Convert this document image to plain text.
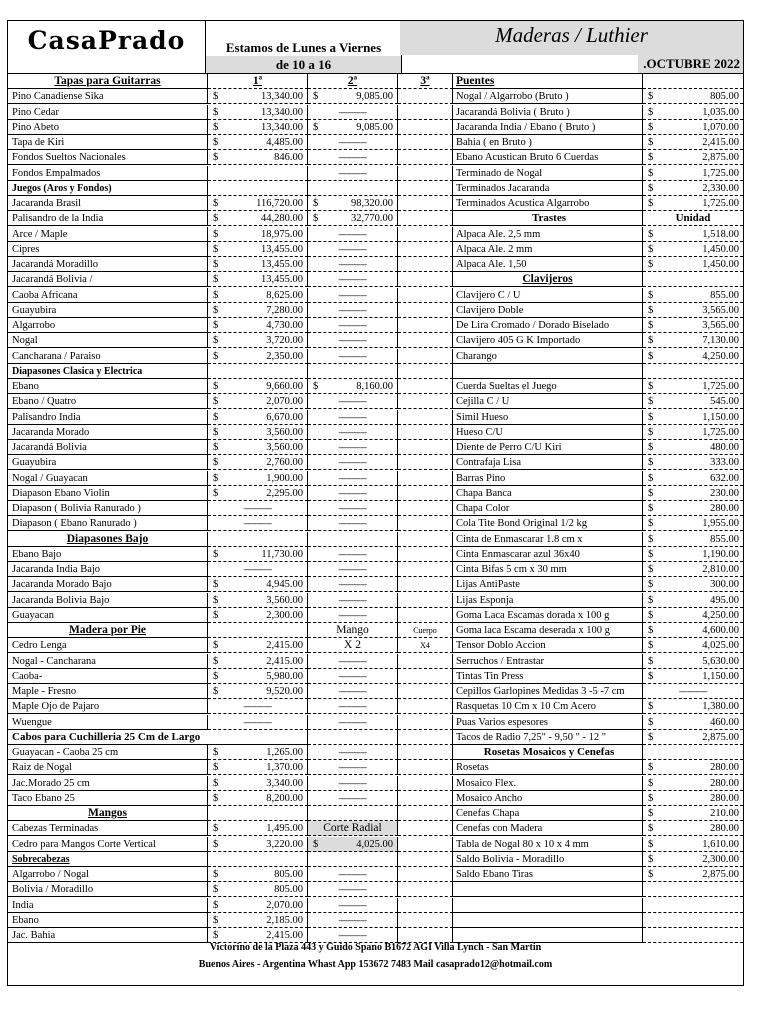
CasaPrado	Estamos de Lunes a Viernes
de 10 a 16
Maderas / Luthier
.OCTUBRE 2022
Tapas para Guitarras	1ª	2ª	3ª	Puentes
Pino Canadiense Sika	$	13,340.00 $	9,085.00	Nogal / Algarrobo (Bruto )	$	805.00
Pino Cedar	$	13,340.00	-------------	Jacarandá Bolivia ( Bruto )	$	1,035.00
Pino Abeto	$	13,340.00 $	9,085.00	Jacaranda India / Ebano ( Bruto )	$	1,070.00
Tapa de Kiri	$	4,485.00	-------------	Bahia ( en Bruto )	$	2,415.00
Fondos Sueltos Nacionales	$	846.00	-------------	Ebano Acustican Bruto 6 Cuerdas	$	2,875.00
Fondos Empalmados	-------------	Terminado de Nogal	$	1,725.00
Juegos (Aros y Fondos)	Terminados Jacaranda	$	2,330.00
Jacaranda Brasil	$	116,720.00 $	98,320.00	Terminados Acustica Algarrobo	$	1,725.00
Palisandro de la India	$	44,280.00 $	32,770.00	Trastes	Unidad
Arce / Maple	$	18,975.00	-------------	Alpaca Ale. 2,5 mm	$	1,518.00
Cipres	$	13,455.00	-------------	Alpaca Ale. 2 mm	$	1,450.00
Jacarandá Moradillo	$	13,455.00	-------------	Alpaca Ale. 1,50	$	1,450.00
Jacarandá Bolivia /	$	13,455.00	-------------	Clavijeros
Caoba Africana	$	8,625.00	-------------	Clavijero C / U	$	855.00
Guayubira	$	7,280.00	-------------	Clavijero Doble	$	3,565.00
Algarrobo	$	4,730.00	-------------	De Lira Cromado / Dorado Biselado	$	3,565.00
Nogal	$	3,720.00	-------------	Clavijero 405 G K Importado	$	7,130.00
Cancharana / Paraiso	$	2,350.00	-------------	Charango	$	4,250.00
Diapasones Clasica y Electrica
Ebano	$	9,660.00 $	8,160.00	Cuerda Sueltas el Juego	$	1,725.00
Ebano / Quatro	$	2,070.00	-------------	Cejilla C / U	$	545.00
Palisandro India	$	6,670.00	-------------	Simil Hueso	$	1,150.00
Jacaranda Morado	$	3,560.00	-------------	Hueso C/U	$	1,725.00
Jacarandá Bolivia	$	3,560.00	-------------	Diente de Perro C/U Kiri	$	480.00
Guayubira	$	2,760.00	-------------	Contrafaja Lisa	$	333.00
Nogal / Guayacan	$	1,900.00	-------------	Barras Pino	$	632.00
Diapason Ebano Violin	$	2,295.00	-------------	Chapa Banca	$	230.00
Diapason ( Bolivia Ranurado )	-------------	-------------	Chapa Color	$	280.00
Diapason ( Ebano Ranurado )	-------------	-------------	Cola Tite Bond Original 1/2 kg	$	1,955.00
Diapasones Bajo	Cinta de Enmascarar 1.8 cm x	$	855.00
Ebano Bajo	$	11,730.00	-------------	Cinta Enmascarar azul 36x40	$	1,190.00
Jacaranda India Bajo	-------------	-------------	Cinta Bifas 5 cm x 30 mm	$	2,810.00
Jacaranda Morado Bajo	$	4,945.00	-------------	Lijas AntiPaste	$	300.00
Jacaranda Bolivia Bajo	$	3,560.00	-------------	Lijas Esponja	$	495.00
Guayacan	$	2,300.00	-------------	Goma Laca Escamas dorada x 100 g	$	4,250.00
Madera por Pie	Mango	Cuerpo	Goma laca Escama deserada x 100 g	$	4,600.00
Cedro Lenga	$	2,415.00	X 2	X4	Tensor Doblo Accion	$	4,025.00
Nogal - Cancharana	$	2,415.00	-------------	Serruchos / Entrastar	$	5,630.00
Caoba-	$	5,980.00	-------------	Tintas Tin Press	$	1,150.00
Maple - Fresno	$	9,520.00	-------------	Cepillos Garlopines Medidas 3 -5 -7 cm	-------------
Maple Ojo de Pajaro	-------------	-------------	Rasquetas 10 Cm x 10 Cm Acero	$	1,380.00
Wuengue	-------------	-------------	Puas Varios espesores	$	460.00
Cabos para Cuchilleria 25 Cm de Largo	Tacos de Radio 7,25" - 9,50 " - 12 "	$	2,875.00
Guayacan - Caoba 25 cm	$	1,265.00	-------------	Rosetas Mosaicos y Cenefas
Raiz de Nogal	$	1,370.00	-------------	Rosetas	$	280.00
Jac.Morado 25 cm	$	3,340.00	-------------	Mosaico Flex.	$	280.00
Taco Ebano 25	$	8,200.00	-------------	Mosaico Ancho	$	280.00
Mangos	Cenefas Chapa	$	210.00
Cabezas Terminadas	$	1,495.00	Corte Radial	Cenefas con Madera	$	280.00
Cedro para Mangos Corte Vertical	$	3,220.00 $	4,025.00	Tabla de Nogal 80 x 10 x 4 mm	$	1,610.00
Sobrecabezas	Saldo Bolivia - Moradillo	$	2,300.00
Algarrobo / Nogal	$	805.00	-------------	Saldo Ebano Tiras	$	2,875.00
Bolivia / Moradillo	$	805.00	-------------
India	$	2,070.00	-------------
Ebano	$	2,185.00	-------------
Jac. Bahia	$	2,415.00	-------------
Victorino de la Plaza 443 y Guido Spano B1672 AGI Villa Lynch - San Martin
Buenos Aires - Argentina Whast App 153672 7483 Mail casaprado12@hotmail.com
